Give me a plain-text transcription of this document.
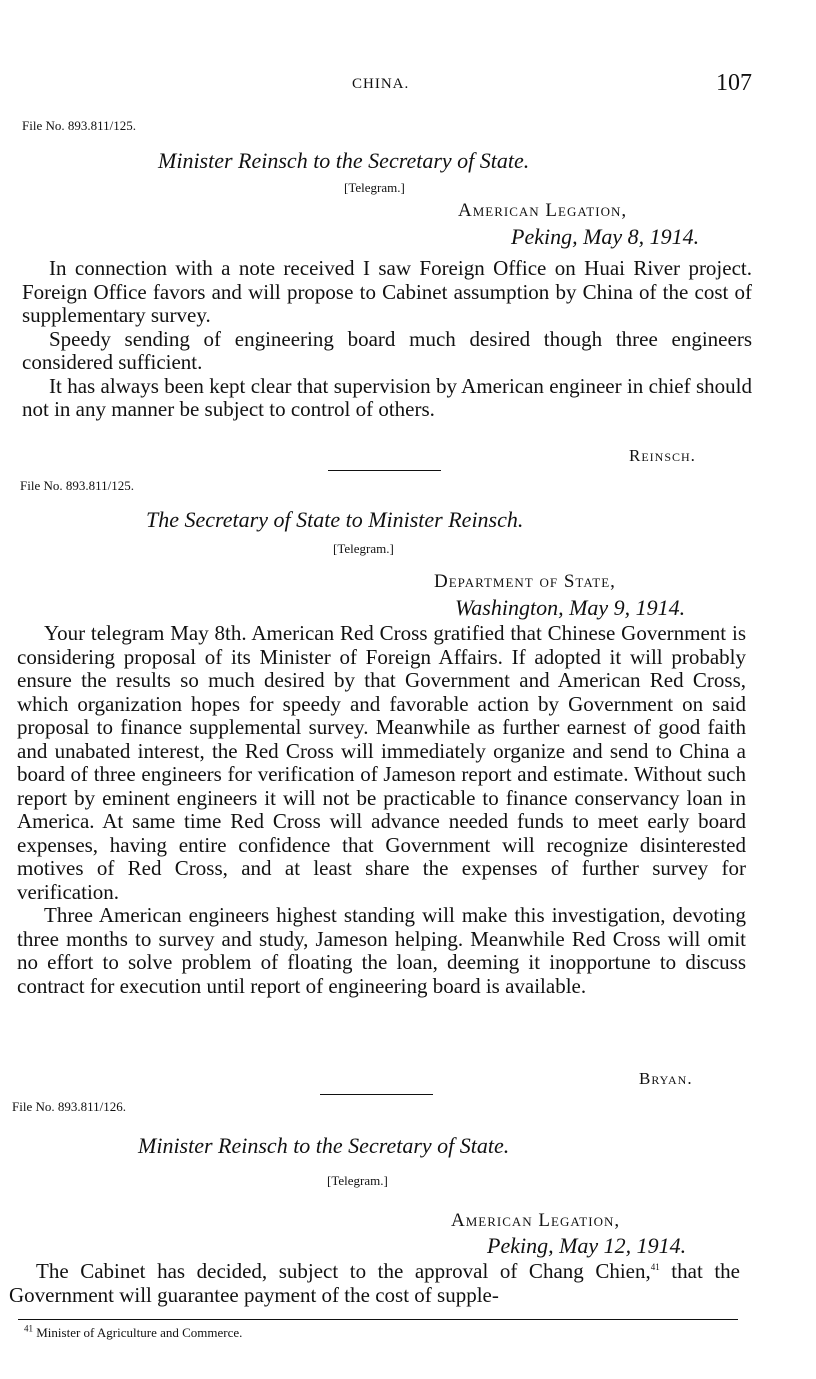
CHINA.	107
File No. 893.811/125.
Minister Reinsch to the Secretary of State.
[Telegram.]
American Legation,
Peking, May 8, 1914.

In connection with a note received I saw Foreign Office on Huai River project. Foreign Office favors and will propose to Cabinet assumption by China of the cost of supplementary survey.

Speedy sending of engineering board much desired though three engineers considered sufficient.

It has always been kept clear that supervision by American engineer in chief should not in any manner be subject to control of others.

Reinsch.
File No. 893.811/125.
The Secretary of State to Minister Reinsch.
[Telegram.]
Department of State,
Washington, May 9, 1914.

Your telegram May 8th. American Red Cross gratified that Chinese Government is considering proposal of its Minister of Foreign Affairs. If adopted it will probably ensure the results so much desired by that Government and American Red Cross, which organization hopes for speedy and favorable action by Government on said proposal to finance supplemental survey. Meanwhile as further earnest of good faith and unabated interest, the Red Cross will immediately organize and send to China a board of three engineers for verification of Jameson report and estimate. Without such report by eminent engineers it will not be practicable to finance conservancy loan in America. At same time Red Cross will advance needed funds to meet early board expenses, having entire confidence that Government will recognize disinterested motives of Red Cross, and at least share the expenses of further survey for verification.

Three American engineers highest standing will make this investigation, devoting three months to survey and study, Jameson helping. Meanwhile Red Cross will omit no effort to solve problem of floating the loan, deeming it inopportune to discuss contract for execution until report of engineering board is available.

Bryan.
File No. 893.811/126.
Minister Reinsch to the Secretary of State.
[Telegram.]
American Legation,
Peking, May 12, 1914.

The Cabinet has decided, subject to the approval of Chang Chien,$^{41}$ that the Government will guarantee payment of the cost of supple-

$^{41}$ Minister of Agriculture and Commerce.
